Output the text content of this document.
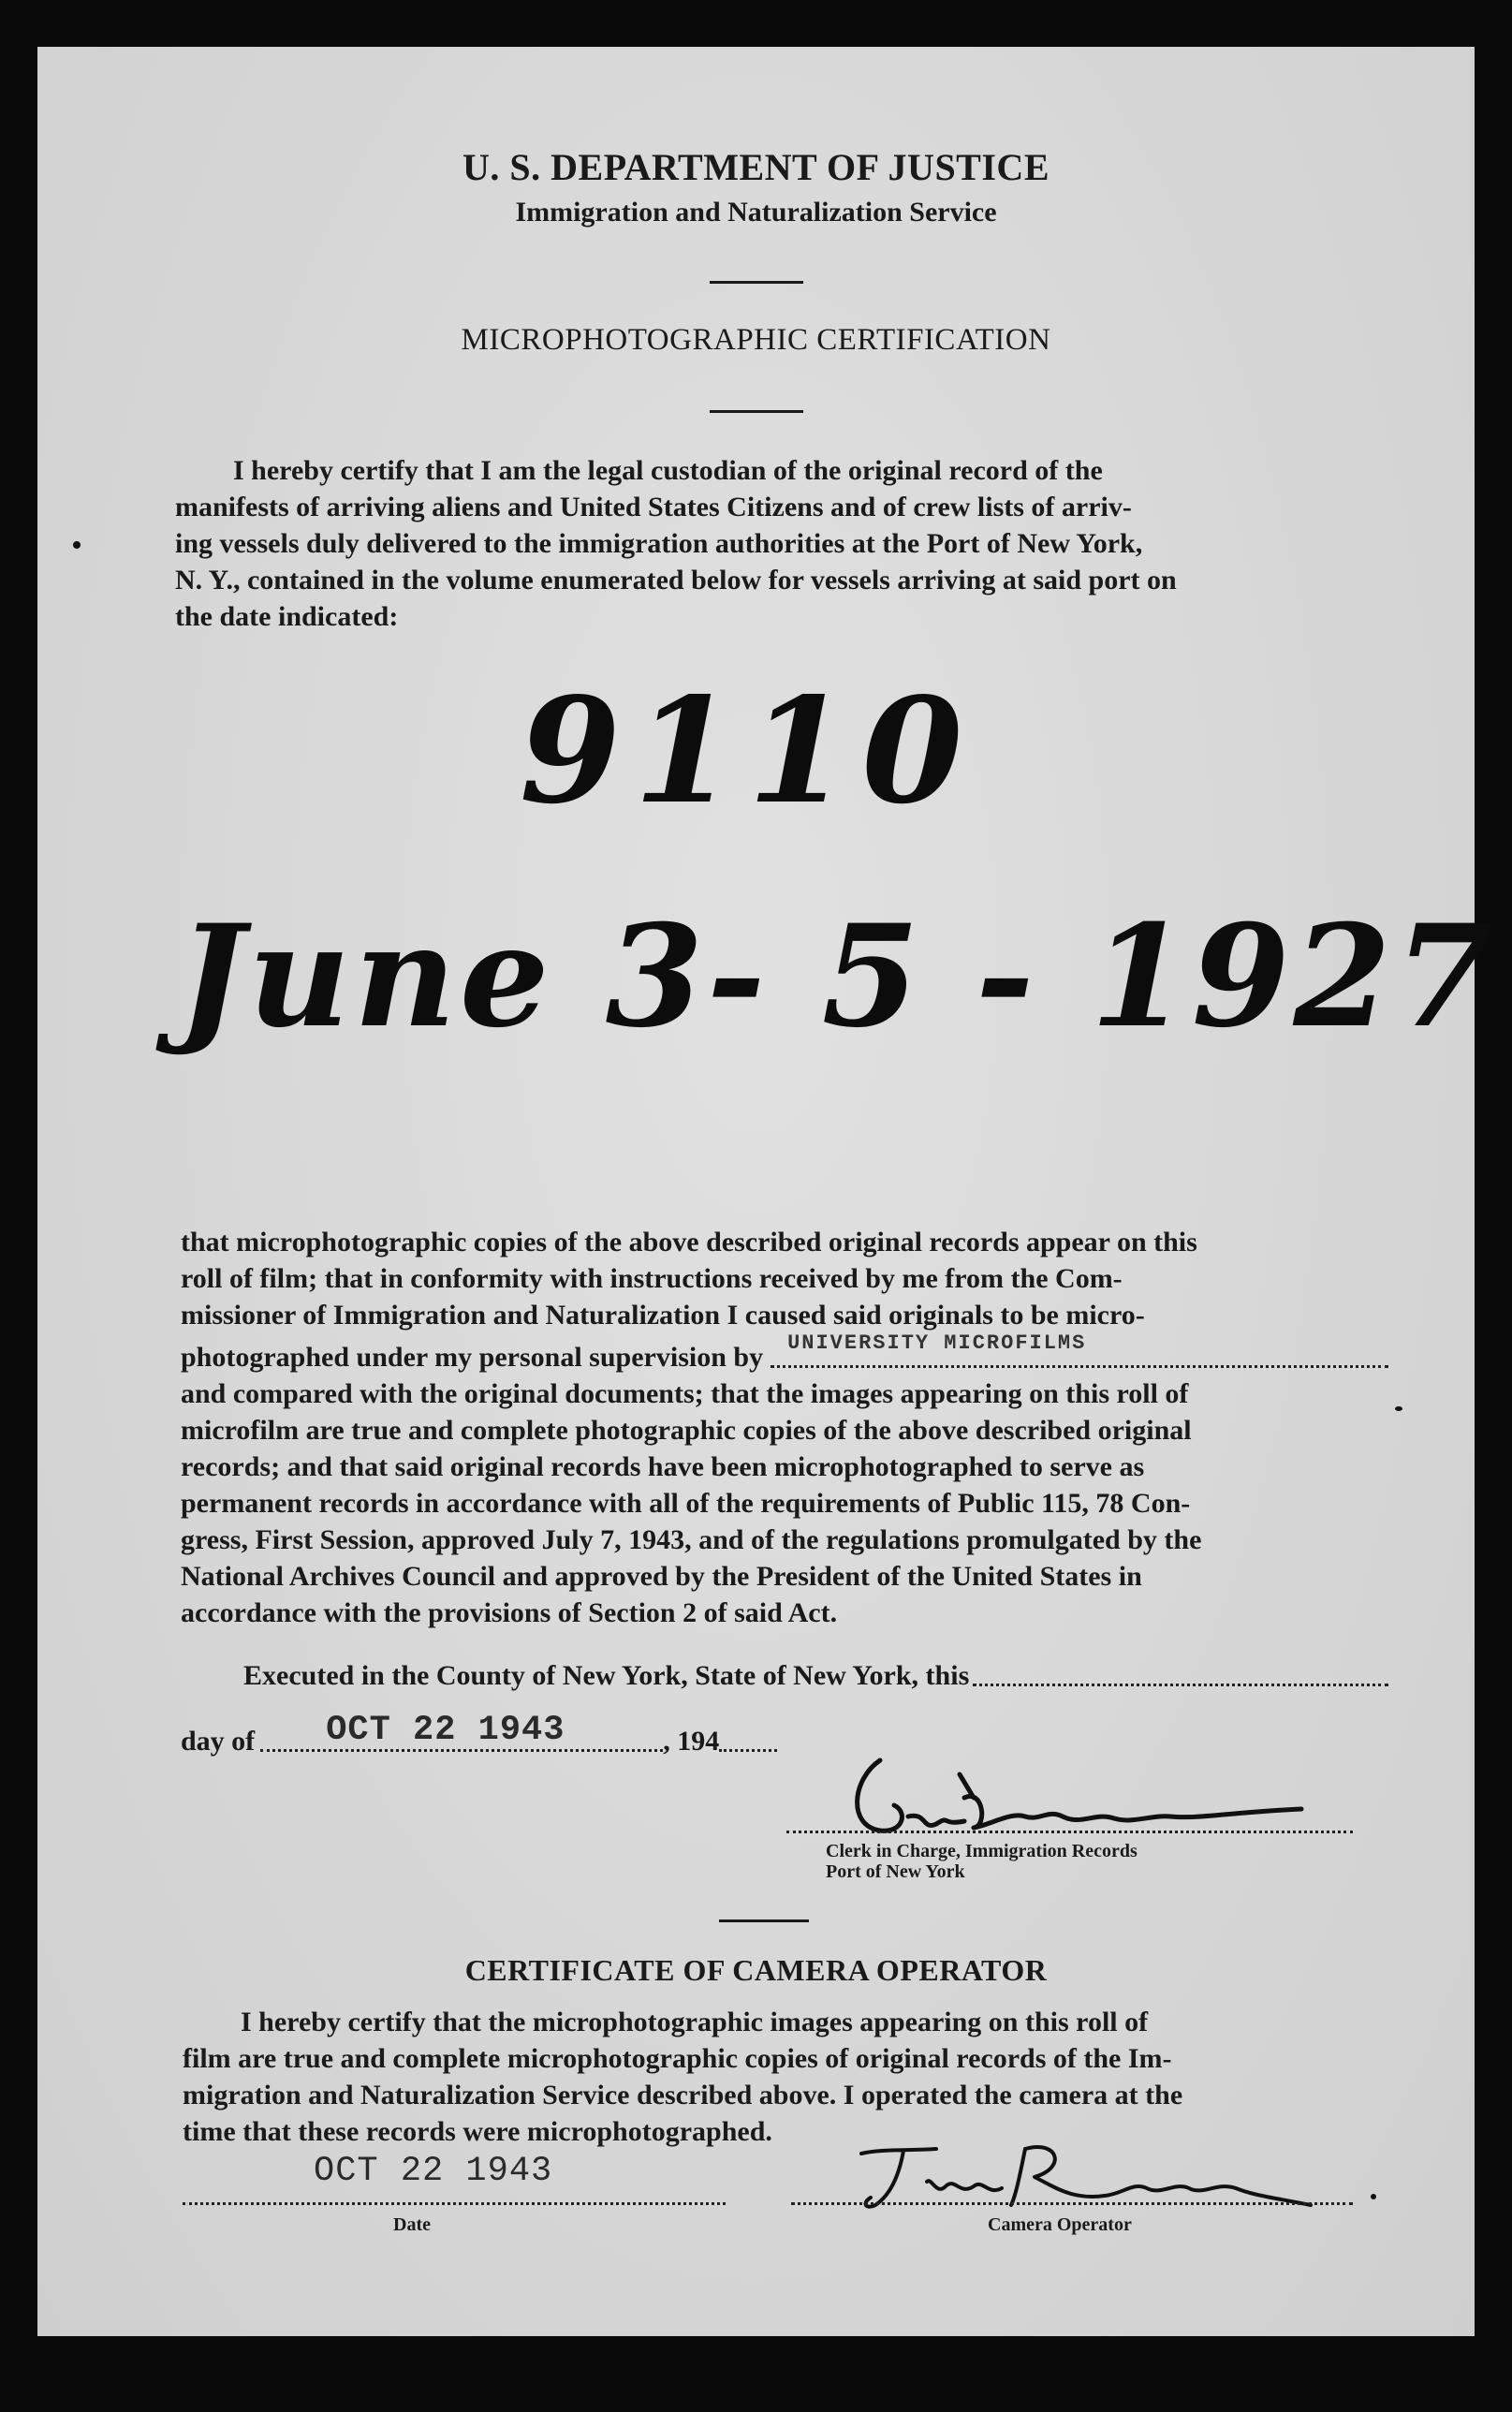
U. S. DEPARTMENT OF JUSTICE
Immigration and Naturalization Service
MICROPHOTOGRAPHIC CERTIFICATION
I hereby certify that I am the legal custodian of the original record of the
manifests of arriving aliens and United States Citizens and of crew lists of arriv-
ing vessels duly delivered to the immigration authorities at the Port of New York,
N. Y., contained in the volume enumerated below for vessels arriving at said port on
the date indicated:
9110
June 3- 5 - 1927
that microphotographic copies of the above described original records appear on this
roll of film; that in conformity with instructions received by me from the Com-
missioner of Immigration and Naturalization I caused said originals to be micro-
photographed under my personal supervision by UNIVERSITY MICROFILMS
and compared with the original documents; that the images appearing on this roll of
microfilm are true and complete photographic copies of the above described original
records; and that said original records have been microphotographed to serve as
permanent records in accordance with all of the requirements of Public 115, 78 Con-
gress, First Session, approved July 7, 1943, and of the regulations promulgated by the
National Archives Council and approved by the President of the United States in
accordance with the provisions of Section 2 of said Act.
Executed in the County of New York, State of New York, this
day of OCT 22 1943	, 194
Clerk in Charge, Immigration Records
Port of New York
CERTIFICATE OF CAMERA OPERATOR
I hereby certify that the microphotographic images appearing on this roll of
film are true and complete microphotographic copies of original records of the Im-
migration and Naturalization Service described above. I operated the camera at the
time that these records were microphotographed.
OCT 22 1943
Date	Camera Operator
